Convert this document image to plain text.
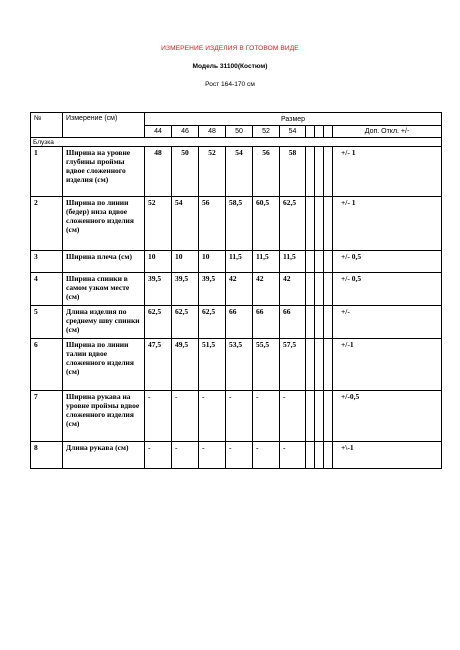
ИЗМЕРЕНИЕ ИЗДЕЛИЯ В ГОТОВОМ ВИДЕ
Модель 31100(Костюм)
Рост 164-170 см
№	Измерение (см)	Размер									
		44	46	48	50	52	54				Доп. Откл. +/-
Блузка											
1	Ширина на уровне глубины проймы вдвое сложенного изделия (см)	48	50	52	54	56	58				+/- 1
2	Ширина по линии (бедер) низа вдвое сложенного изделия (см)	52	54	56	58,5	60,5	62,5				+/- 1
3	Ширина плеча (см)	10	10	10	11,5	11,5	11,5				+/- 0,5
4	Ширина спинки в самом узком месте (см)	39,5	39,5	39,5	42	42	42				+/- 0,5
5	Длина изделия по среднему шву спинки (см)	62,5	62,5	62,5	66	66	66				+/-
6	Ширина по линии талии вдвое сложенного изделия (см)	47,5	49,5	51,5	53,5	55,5	57,5				+/-1
7	Ширина рукава на уровне проймы вдвое сложенного изделия (см)	-	-	-	-	-	-				+/-0,5
8	Длина рукава (см)	-	-	-	-	-	-				+\-1
